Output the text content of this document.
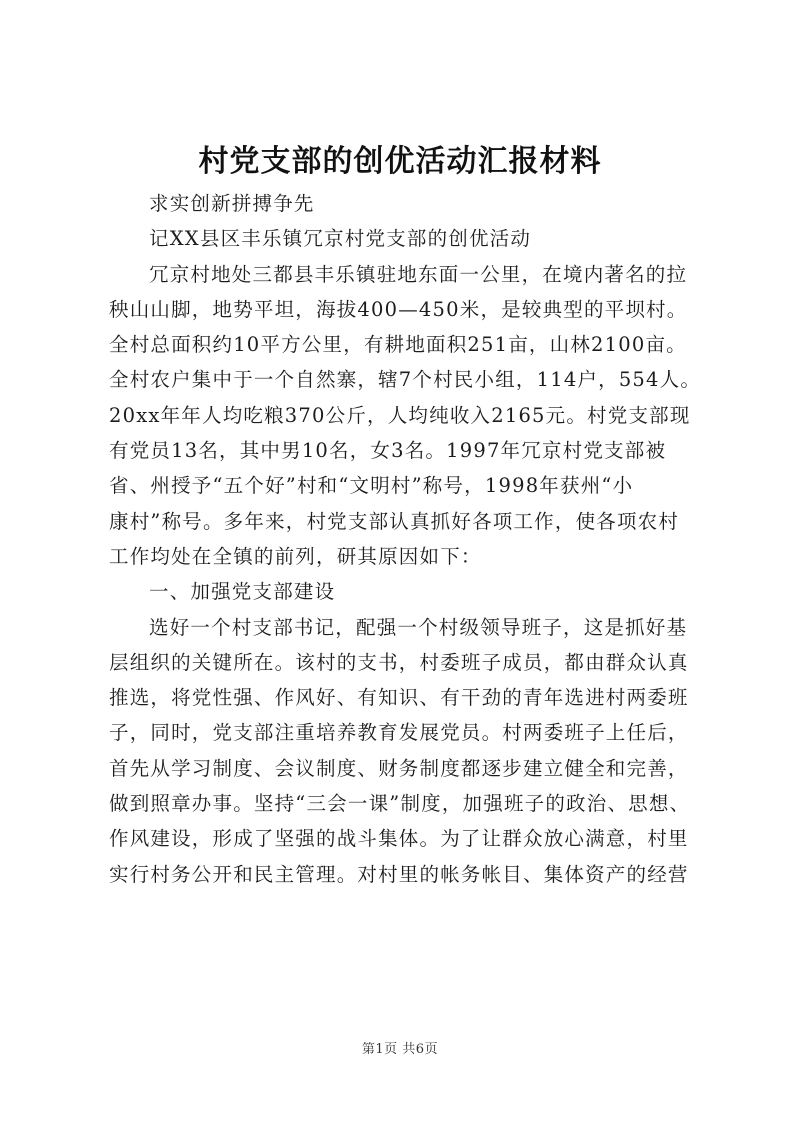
村党支部的创优活动汇报材料
求实创新拼搏争先
记XX县区丰乐镇冗京村党支部的创优活动
冗京村地处三都县丰乐镇驻地东面一公里，在境内著名的拉
秧山山脚，地势平坦，海拔400—450米，是较典型的平坝村。
全村总面积约10平方公里，有耕地面积251亩，山林2100亩。
全村农户集中于一个自然寨，辖7个村民小组，114户，554人。
20xx年年人均吃粮370公斤，人均纯收入2165元。村党支部现
有党员13名，其中男10名，女3名。1997年冗京村党支部被
省、州授予“五个好”村和“文明村”称号，1998年获州“小
康村”称号。多年来，村党支部认真抓好各项工作，使各项农村
工作均处在全镇的前列，研其原因如下：
一、加强党支部建设
选好一个村支部书记，配强一个村级领导班子，这是抓好基
层组织的关键所在。该村的支书，村委班子成员，都由群众认真
推选，将党性强、作风好、有知识、有干劲的青年选进村两委班
子，同时，党支部注重培养教育发展党员。村两委班子上任后，
首先从学习制度、会议制度、财务制度都逐步建立健全和完善，
做到照章办事。坚持“三会一课”制度，加强班子的政治、思想、
作风建设，形成了坚强的战斗集体。为了让群众放心满意，村里
实行村务公开和民主管理。对村里的帐务帐目、集体资产的经营
第1页 共6页
